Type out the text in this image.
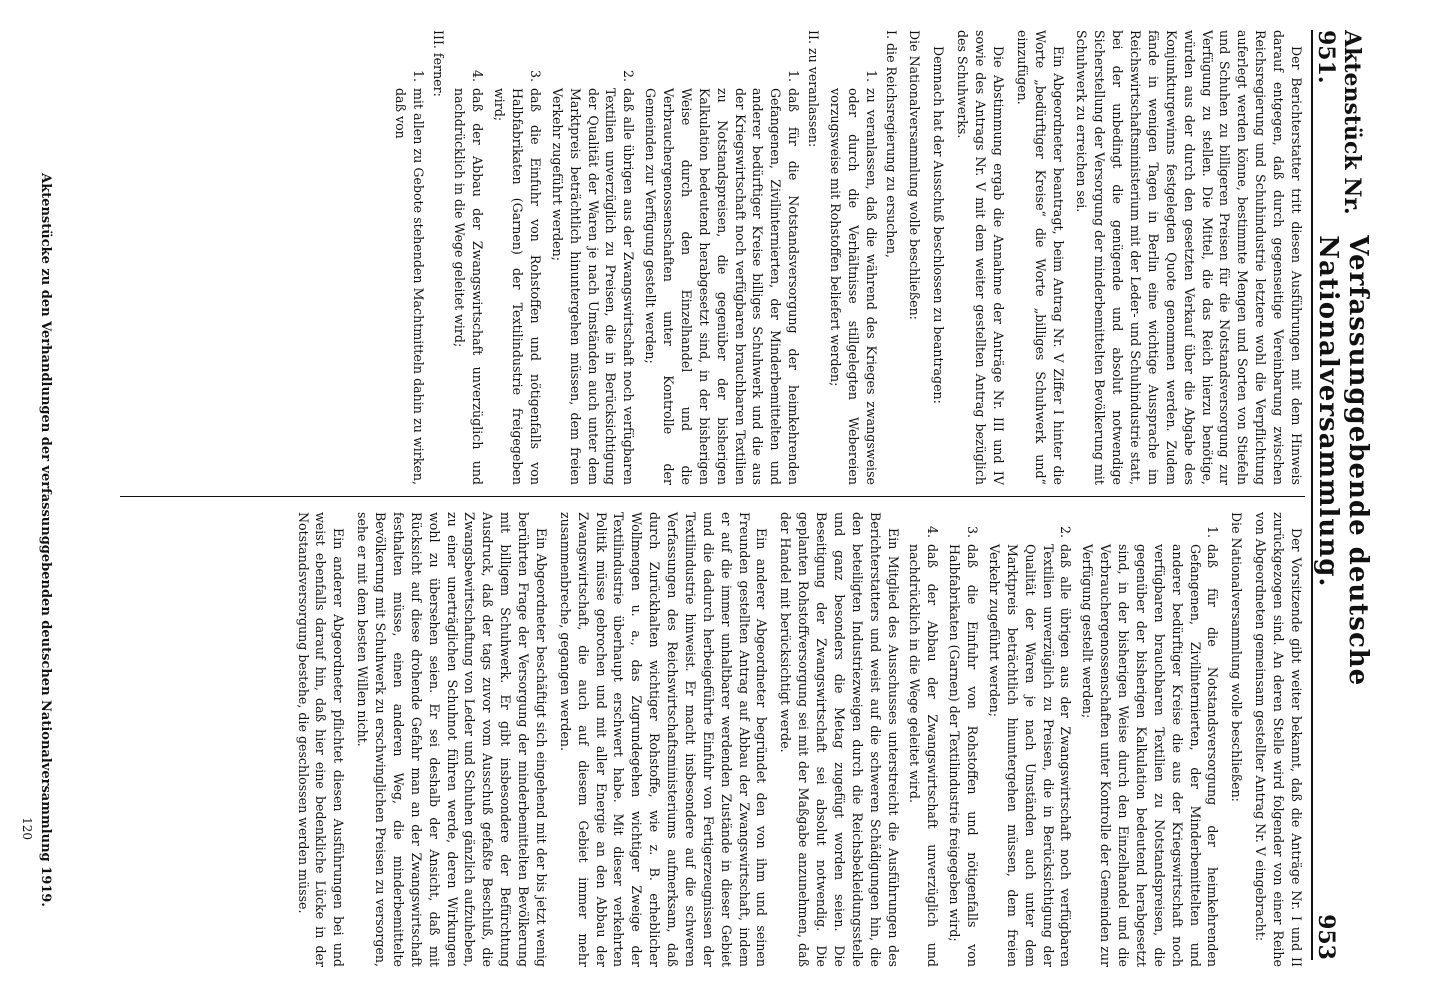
Aktenstück Nr. 951.
Verfassunggebende deutsche Nationalversammlung.
953

Der Berichterstatter tritt diesen Ausführungen mit dem Hinweis darauf entgegen, daß durch gegenseitige Vereinbarung zwischen Reichsregierung und Schuhindustrie letztere wohl die Verpflichtung auferlegt werden könne, bestimmte Mengen und Sorten von Stiefeln und Schuhen zu billigeren Preisen für die Notstandsversorgung zur Verfügung zu stellen. Die Mittel, die das Reich hierzu benötige, würden aus der durch den gesetzten Verkauf über die Abgabe des Konjunkturgewinns festgelegten Quote genommen werden. Zudem fände in wenigen Tagen in Berlin eine wichtige Aussprache im Reichswirtschaftsministerium mit der Leder- und Schuhindustrie statt, bei der unbedingt die genügende und absolut notwendige Sicherstellung der Versorgung der minderbemittelten Bevölkerung mit Schuhwerk zu erreichen sei.

Ein Abgeordneter beantragt, beim Antrag Nr. V Ziffer I hinter die Worte „bedürftiger Kreise“ die Worte „billiges Schuhwerk und“ einzufügen.

Die Abstimmung ergab die Annahme der Anträge Nr. III und IV sowie des Antrags Nr. V mit dem weiter gestellten Antrag bezüglich des Schuhwerks.

Demnach hat der Ausschuß beschlossen zu beantragen:

Die Nationalversammlung wolle beschließen:

I. die Reichsregierung zu ersuchen,
1.
zu veranlassen, daß die während des Krieges zwangsweise oder durch die Verhältnisse stillgelegten Webereien vorzugsweise mit Rohstoffen beliefert werden;
II. zu veranlassen:
1.
daß für die Notstandsversorgung der heimkehrenden Gefangenen, Zivilinternierten, der Minderbemittelten und anderer bedürftiger Kreise billiges Schuhwerk und die aus der Kriegswirtschaft noch verfügbaren brauchbaren Textilien zu Notstandspreisen, die gegenüber der bisherigen Kalkulation bedeutend herabgesetzt sind, in der bisherigen Weise durch den Einzelhandel und die Verbrauchergenossenschaften unter Kontrolle der Gemeinden zur Verfügung gestellt werden;
2.
daß alle übrigen aus der Zwangswirtschaft noch verfügbaren Textilien unverzüglich zu Preisen, die in Berücksichtigung der Qualität der Waren je nach Umständen auch unter dem Marktpreis beträchtlich hinuntergehen müssen, dem freien Verkehr zugeführt werden;
3.
daß die Einfuhr von Rohstoffen und nötigenfalls von Halbfabrikaten (Garnen) der Textilindustrie freigegeben wird;
4.
daß der Abbau der Zwangswirtschaft unverzüglich und nachdrücklich in die Wege geleitet wird;
III. ferner:
1.
mit allen zu Gebote stehenden Machtmitteln dahin zu wirken, daß von

Der Vorsitzende gibt weiter bekannt, daß die Anträge Nr. I und II zurückgezogen sind. An deren Stelle wird folgender von einer Reihe von Abgeordneten gemeinsam gestellter Antrag Nr. V eingebracht:

Die Nationalversammlung wolle beschließen:

1.
daß für die Notstandsversorgung der heimkehrenden Gefangenen, Zivilinternierten, der Minderbemittelten und anderer bedürftiger Kreise die aus der Kriegswirtschaft noch verfügbaren brauchbaren Textilien zu Notstandspreisen, die gegenüber der bisherigen Kalkulation bedeutend herabgesetzt sind, in der bisherigen Weise durch den Einzelhandel und die Verbrauchergenossenschaften unter Kontrolle der Gemeinden zur Verfügung gestellt werden;
2.
daß alle übrigen aus der Zwangswirtschaft noch verfügbaren Textilien unverzüglich zu Preisen, die in Berücksichtigung der Qualität der Waren je nach Umständen auch unter dem Marktpreis beträchtlich hinuntergehen müssen, dem freien Verkehr zugeführt werden;
3.
daß die Einfuhr von Rohstoffen und nötigenfalls von Halbfabrikaten (Garnen) der Textilindustrie freigegeben wird;
4.
daß der Abbau der Zwangswirtschaft unverzüglich und nachdrücklich in die Wege geleitet wird.

Ein Mitglied des Ausschusses unterstreicht die Ausführungen des Berichterstatters und weist auf die schweren Schädigungen hin, die den beteiligten Industriezweigen durch die Reichsbekleidungsstelle und ganz besonders die Metag zugefügt worden seien. Die Beseitigung der Zwangswirtschaft sei absolut notwendig. Die geplanten Rohstoffversorgung sei mit der Maßgabe anzunehmen, daß der Handel mit berücksichtigt werde.

Ein anderer Abgeordneter begründet den von ihm und seinen Freunden gestellten Antrag auf Abbau der Zwangswirtschaft, indem er auf die immer unhaltbarer werdenden Zustände in dieser Gebiet und die dadurch herbeigeführte Einfuhr von Fertigerzeugnissen der Textilindustrie hinweist. Er macht insbesondere auf die schweren Verfassungen des Reichswirtschaftsministeriums aufmerksam, daß durch Zurückhalten wichtiger Rohstoffe, wie z. B. erheblicher Wollmengen u. a., das Zugrundegehen wichtiger Zweige der Textilindustrie überhaupt erschwert habe. Mit dieser verkehrten Politik müsse gebrochen und mit aller Energie an den Abbau der Zwangswirtschaft, die auch auf diesem Gebiet immer mehr zusammenbreche, gegangen werden.

Ein Abgeordneter beschäftigt sich eingehend mit der bis jetzt wenig berührten Frage der Versorgung der minderbemittelten Bevölkerung mit billigem Schuhwerk. Er gibt insbesondere der Befürchtung Ausdruck, daß der tags zuvor vom Ausschuß gefaßte Beschluß, die Zwangsbewirtschaftung von Leder und Schuhen gänzlich aufzuheben, zu einer unerträglichen Schuhnot führen werde, deren Wirkungen wohl zu übersehen seien. Er sei deshalb der Ansicht, daß mit Rücksicht auf diese drohende Gefahr man an der Zwangswirtschaft festhalten müsse, einen anderen Weg, die minderbemittelte Bevölkerung mit Schuhwerk zu erschwinglichen Preisen zu versorgen, sehe er mit dem besten Willen nicht.

Ein anderer Abgeordneter pflichtet diesen Ausführungen bei und weist ebenfalls darauf hin, daß hier eine bedenkliche Lücke in der Notstandsversorgung bestehe, die geschlossen werden müsse.

Aktenstücke zu den Verhandlungen der verfassunggebenden deutschen Nationalversammlung 1919.
120
